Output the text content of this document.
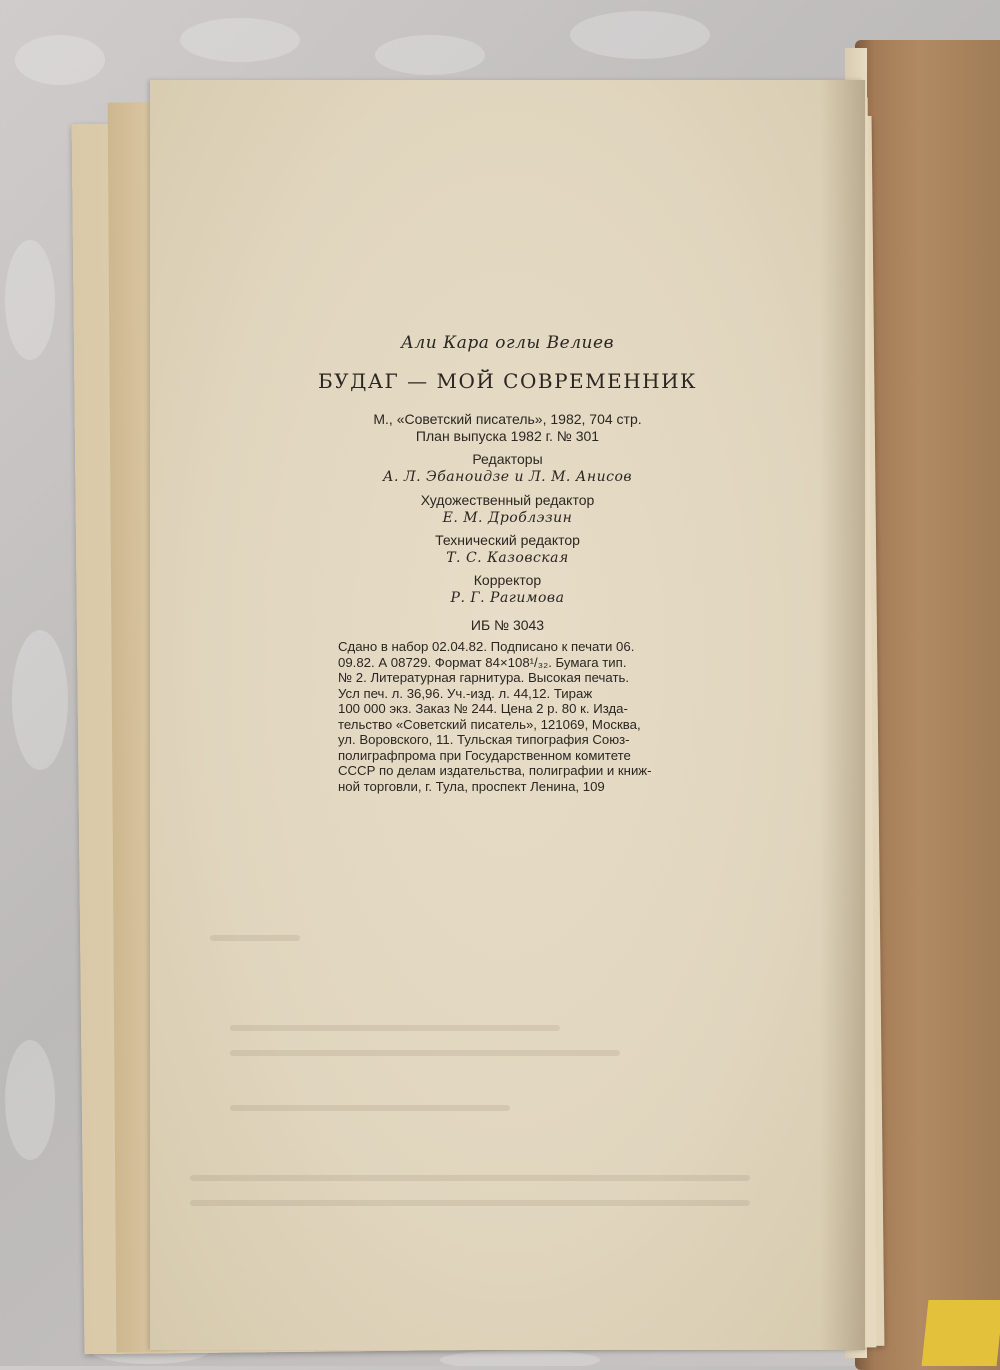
Али Кара оглы Велиев
БУДАГ — МОЙ СОВРЕМЕННИК
М., «Советский писатель», 1982, 704 стр.
План выпуска 1982 г. № 301
Редакторы
А. Л. Эбаноидзе и Л. М. Анисов
Художественный редактор
Е. М. Дроблэзин
Технический редактор
Т. С. Казовская
Корректор
Р. Г. Рагимова
ИБ № 3043
Сдано в набор 02.04.82. Подписано к печати 06.
09.82. А 08729. Формат 84×108¹/₃₂. Бумага тип.
№ 2. Литературная гарнитура. Высокая печать.
Усл печ. л. 36,96. Уч.-изд. л. 44,12. Тираж
100 000 экз. Заказ № 244. Цена 2 р. 80 к. Изда-
тельство «Советский писатель», 121069, Москва,
ул. Воровского, 11. Тульская типография Союз-
полиграфпрома при Государственном комитете
СССР по делам издательства, полиграфии и книж-
ной торговли, г. Тула, проспект Ленина, 109
